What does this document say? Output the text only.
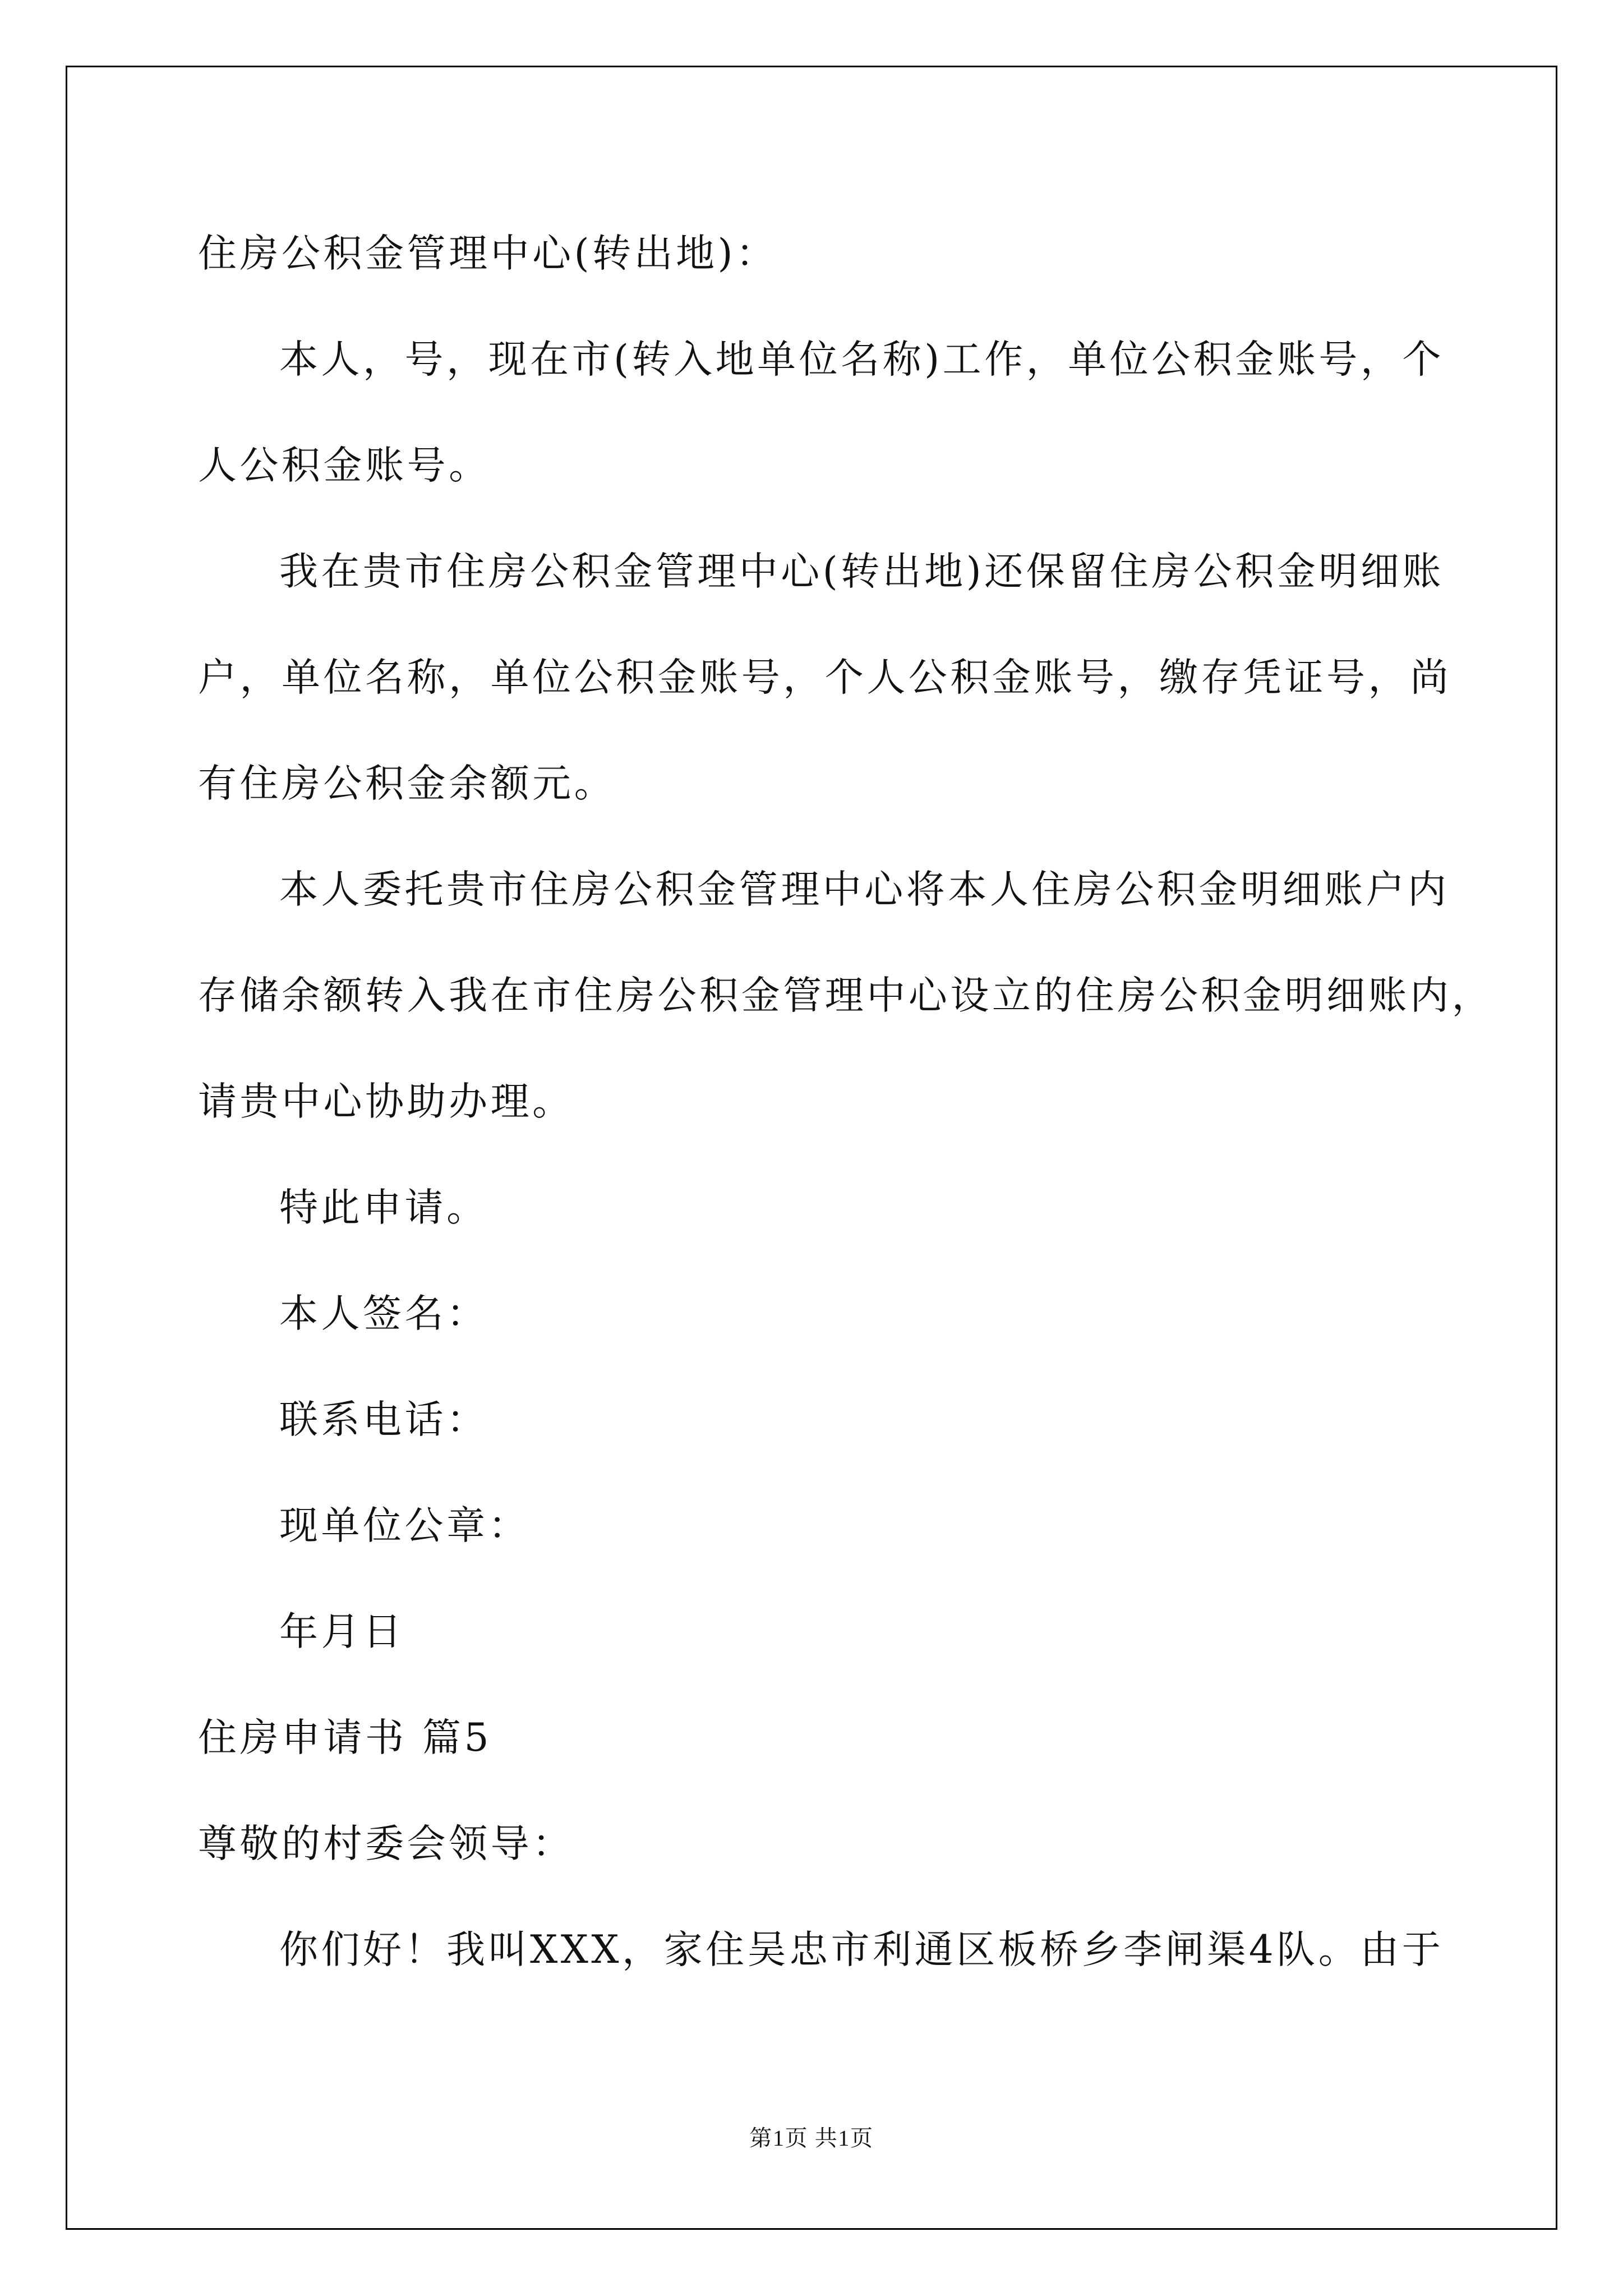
住房公积金管理中心(转出地)：
本人，号，现在市(转入地单位名称)工作，单位公积金账号，个
人公积金账号。
我在贵市住房公积金管理中心(转出地)还保留住房公积金明细账
户，单位名称，单位公积金账号，个人公积金账号，缴存凭证号，尚
有住房公积金余额元。
本人委托贵市住房公积金管理中心将本人住房公积金明细账户内
存储余额转入我在市住房公积金管理中心设立的住房公积金明细账内，
请贵中心协助办理。
特此申请。
本人签名：
联系电话：
现单位公章：
年月日
住房申请书 篇5
尊敬的村委会领导：
你们好！我叫XXX，家住吴忠市利通区板桥乡李闸渠4队。由于
第1页 共1页
